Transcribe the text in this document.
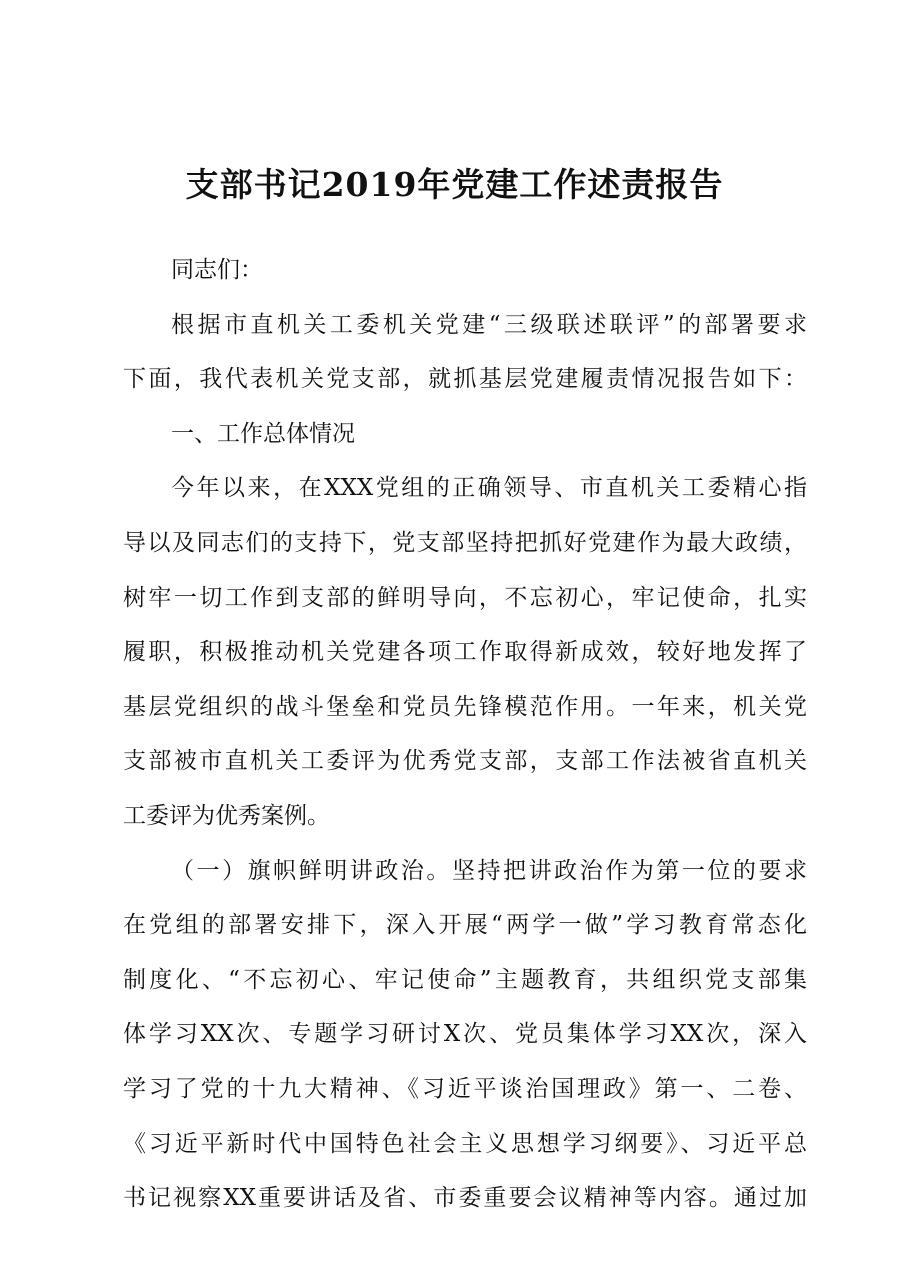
支部书记2019年党建工作述责报告
同志们：
根据市直机关工委机关党建“三级联述联评”的部署要求
下面，我代表机关党支部，就抓基层党建履责情况报告如下：
一、工作总体情况
今年以来，在XXX党组的正确领导、市直机关工委精心指
导以及同志们的支持下，党支部坚持把抓好党建作为最大政绩，
树牢一切工作到支部的鲜明导向，不忘初心，牢记使命，扎实
履职，积极推动机关党建各项工作取得新成效，较好地发挥了
基层党组织的战斗堡垒和党员先锋模范作用。一年来，机关党
支部被市直机关工委评为优秀党支部，支部工作法被省直机关
工委评为优秀案例。
（一）旗帜鲜明讲政治。坚持把讲政治作为第一位的要求
在党组的部署安排下，深入开展“两学一做”学习教育常态化
制度化、“不忘初心、牢记使命”主题教育，共组织党支部集
体学习XX次、专题学习研讨X次、党员集体学习XX次，深入
学习了党的十九大精神、《习近平谈治国理政》第一、二卷、
《习近平新时代中国特色社会主义思想学习纲要》、习近平总
书记视察XX重要讲话及省、市委重要会议精神等内容。通过加
